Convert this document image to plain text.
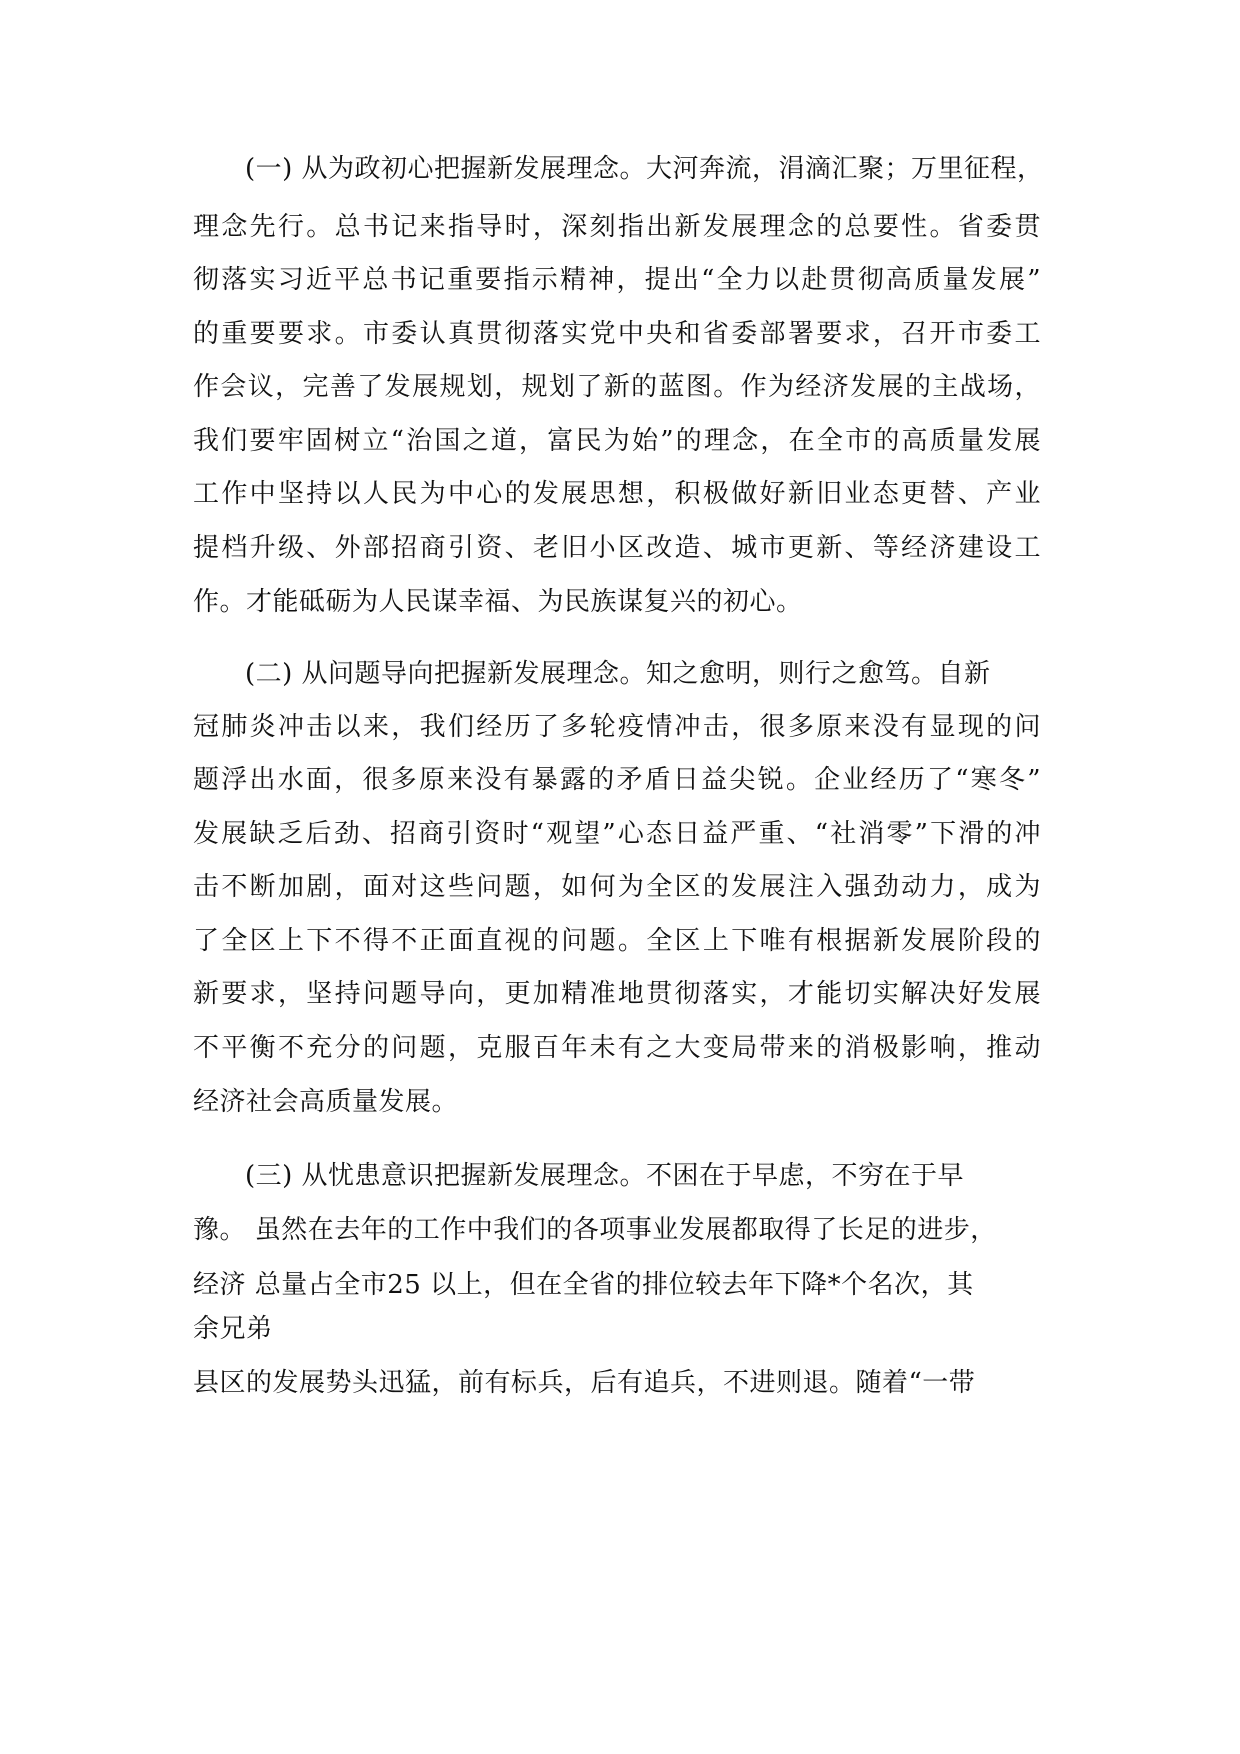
(一) 从为政初心把握新发展理念。大河奔流，涓滴汇聚；万里征程，
理念先行。总书记来指导时，深刻指出新发展理念的总要性。省委贯
彻落实习近平总书记重要指示精神，提出“全力以赴贯彻高质量发展”
的重要要求。市委认真贯彻落实党中央和省委部署要求，召开市委工
作会议，完善了发展规划，规划了新的蓝图。作为经济发展的主战场，
我们要牢固树立“治国之道，富民为始”的理念，在全市的高质量发展
工作中坚持以人民为中心的发展思想，积极做好新旧业态更替、产业
提档升级、外部招商引资、老旧小区改造、城市更新、等经济建设工
作。才能砥砺为人民谋幸福、为民族谋复兴的初心。
(二) 从问题导向把握新发展理念。知之愈明，则行之愈笃。自新
冠肺炎冲击以来，我们经历了多轮疫情冲击，很多原来没有显现的问
题浮出水面，很多原来没有暴露的矛盾日益尖锐。企业经历了“寒冬”
发展缺乏后劲、招商引资时“观望”心态日益严重、“社消零”下滑的冲
击不断加剧，面对这些问题，如何为全区的发展注入强劲动力，成为
了全区上下不得不正面直视的问题。全区上下唯有根据新发展阶段的
新要求，坚持问题导向，更加精准地贯彻落实，才能切实解决好发展
不平衡不充分的问题，克服百年未有之大变局带来的消极影响，推动
经济社会高质量发展。
(三) 从忧患意识把握新发展理念。不困在于早虑，不穷在于早
豫。 虽然在去年的工作中我们的各项事业发展都取得了长足的进步，
经济 总量占全市25 以上，但在全省的排位较去年下降*个名次，其
余兄弟
县区的发展势头迅猛，前有标兵，后有追兵，不进则退。随着“一带
